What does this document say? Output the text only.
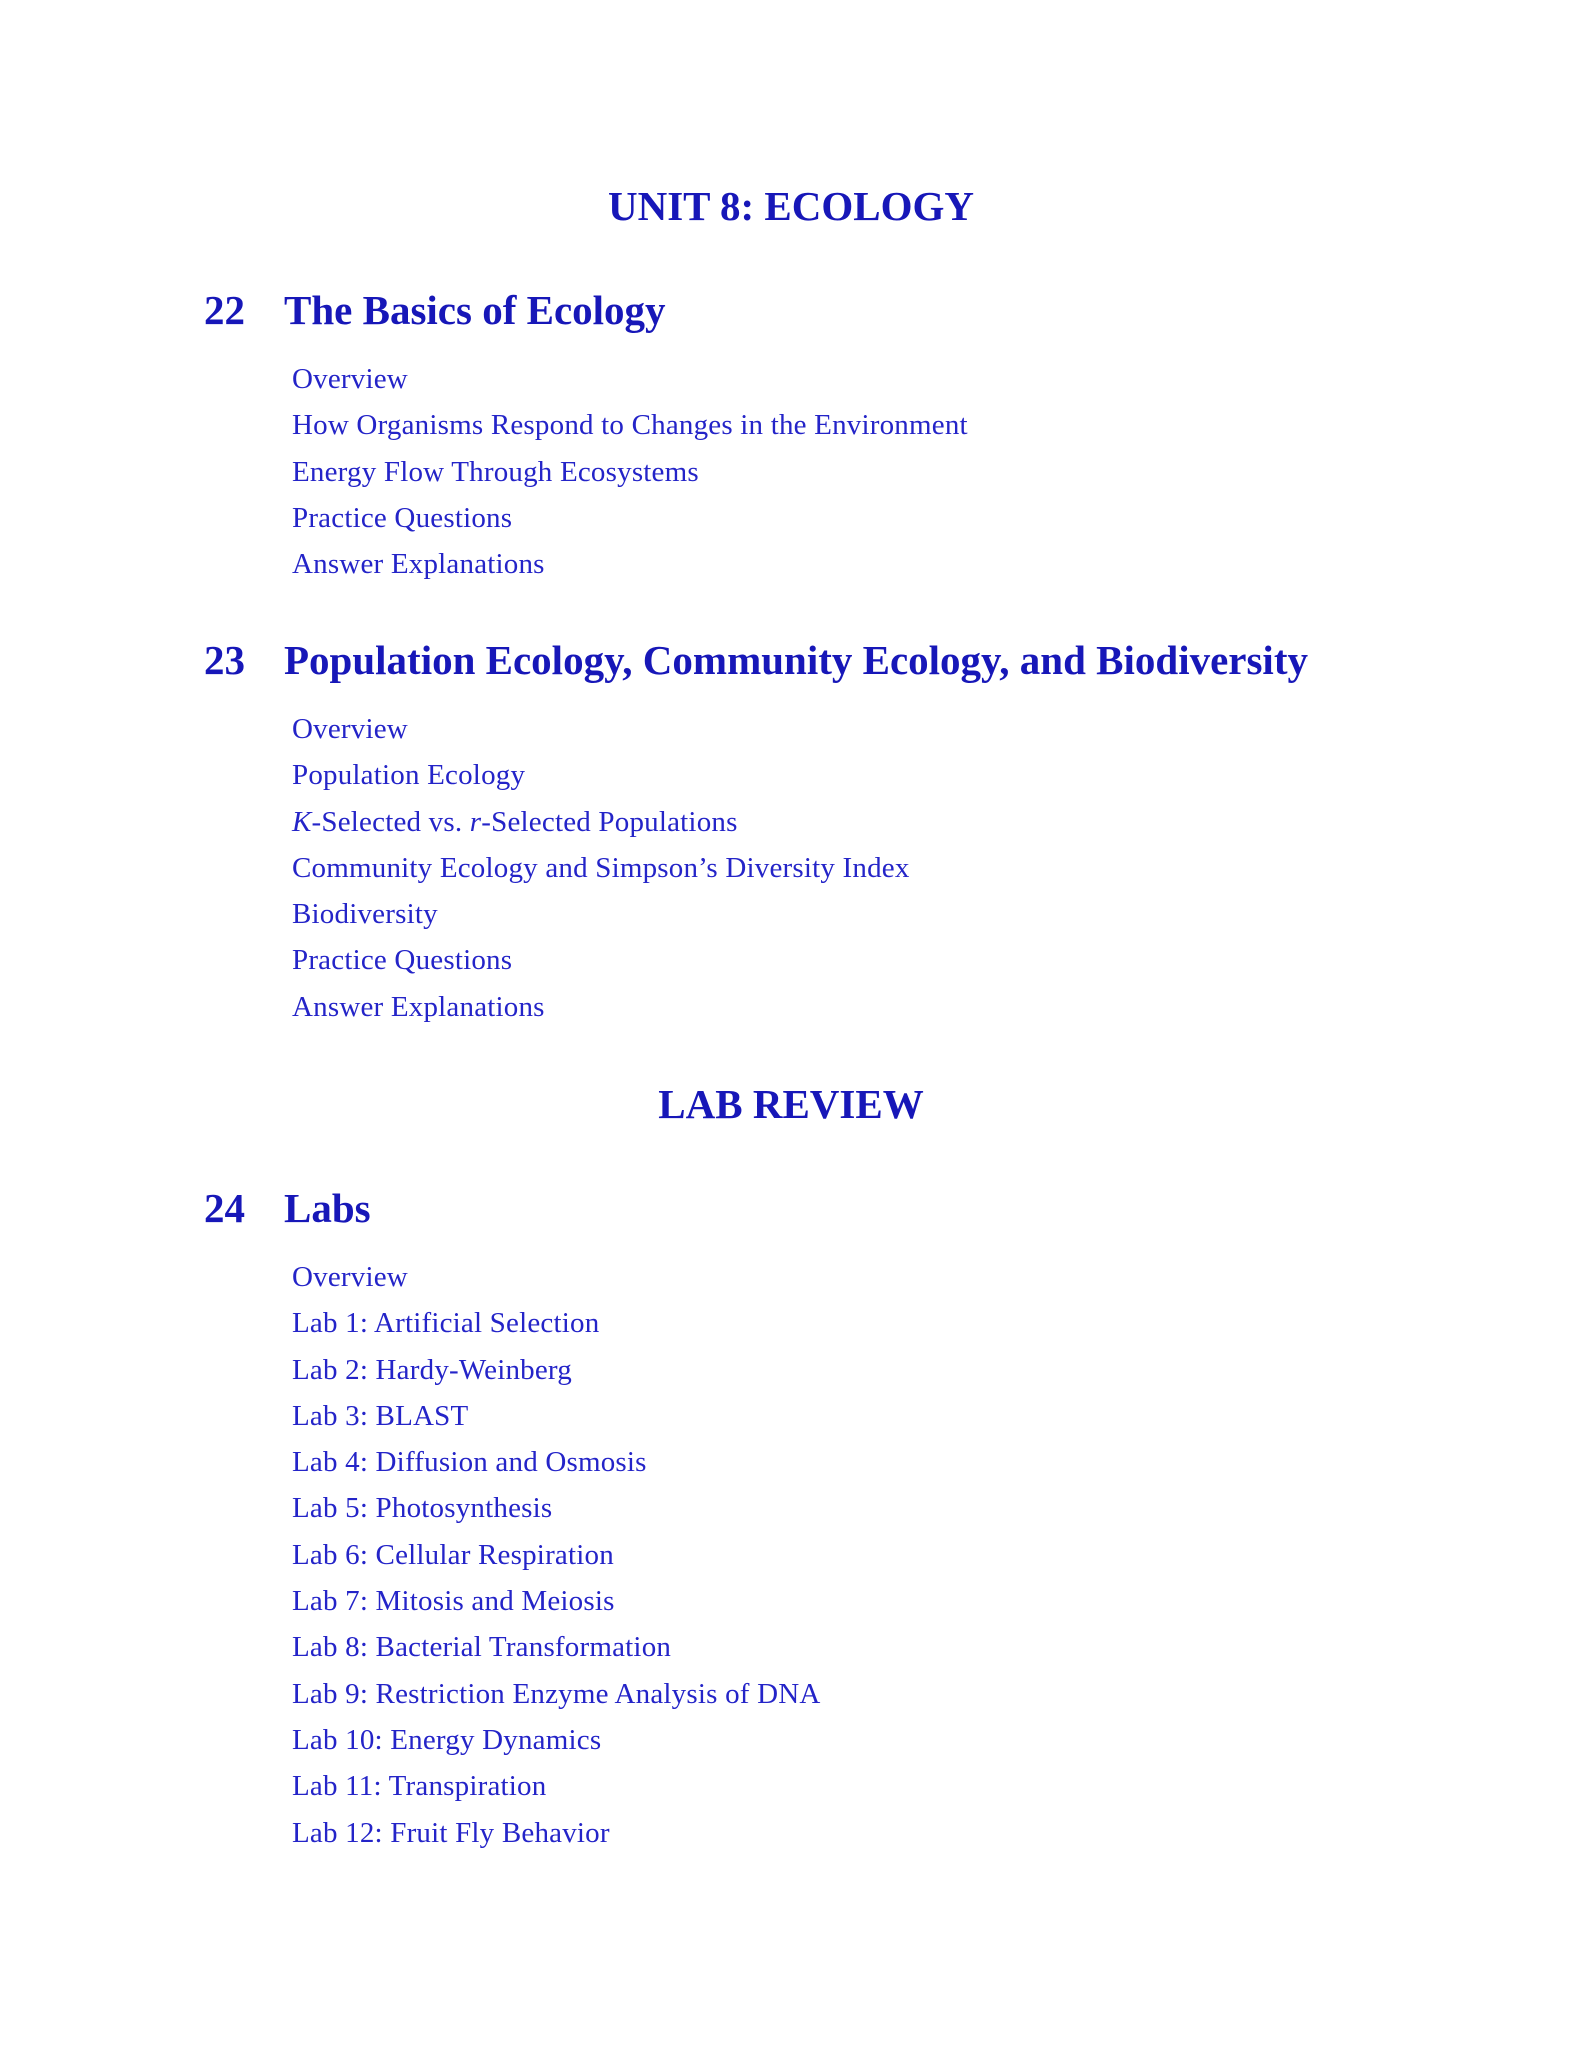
UNIT 8: ECOLOGY
22 The Basics of Ecology
Overview
How Organisms Respond to Changes in the Environment
Energy Flow Through Ecosystems
Practice Questions
Answer Explanations
23 Population Ecology, Community Ecology, and Biodiversity
Overview
Population Ecology
K-Selected vs. r-Selected Populations
Community Ecology and Simpson’s Diversity Index
Biodiversity
Practice Questions
Answer Explanations
LAB REVIEW
24 Labs
Overview
Lab 1: Artificial Selection
Lab 2: Hardy-Weinberg
Lab 3: BLAST
Lab 4: Diffusion and Osmosis
Lab 5: Photosynthesis
Lab 6: Cellular Respiration
Lab 7: Mitosis and Meiosis
Lab 8: Bacterial Transformation
Lab 9: Restriction Enzyme Analysis of DNA
Lab 10: Energy Dynamics
Lab 11: Transpiration
Lab 12: Fruit Fly Behavior
